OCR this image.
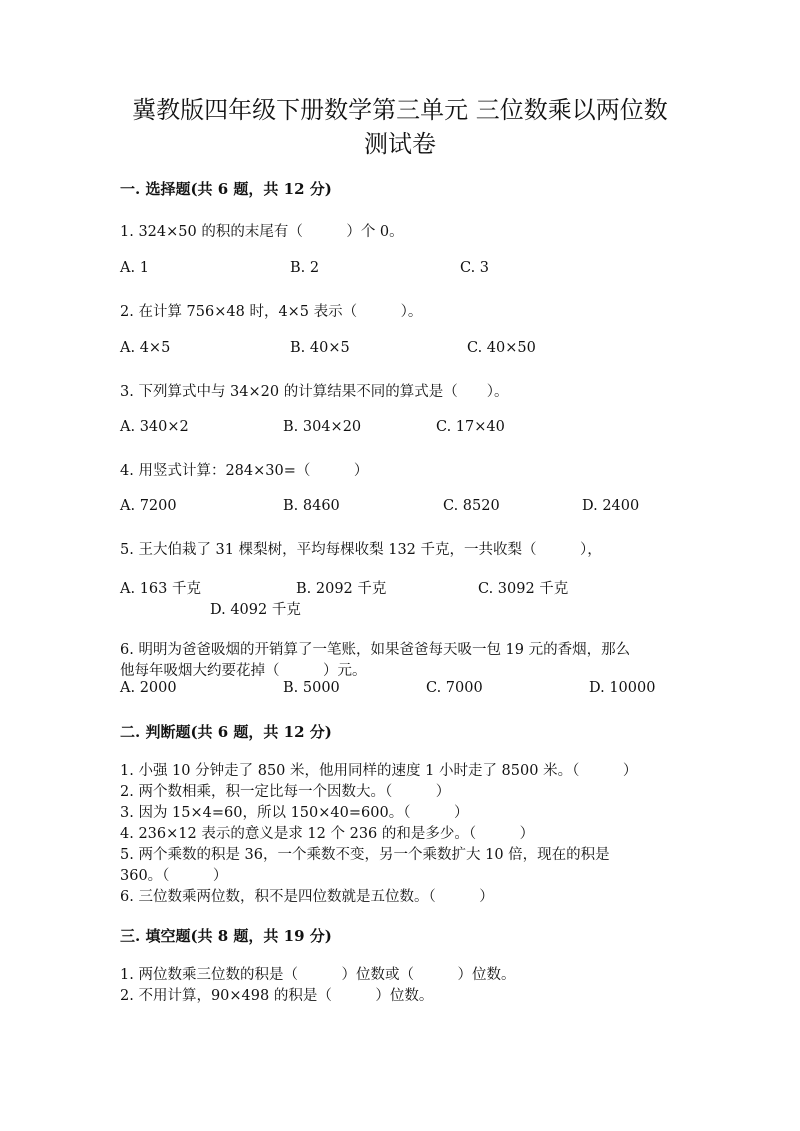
冀教版四年级下册数学第三单元 三位数乘以两位数
测试卷
一. 选择题(共 6 题，共 12 分)
1. 324×50 的积的末尾有（　　　）个 0。
A. 1	B. 2	C. 3
2. 在计算 756×48 时，4×5 表示（　　　）。
A. 4×5	B. 40×5	C. 40×50
3. 下列算式中与 34×20 的计算结果不同的算式是（　　）。
A. 340×2	B. 304×20	C. 17×40
4. 用竖式计算：284×30=（　　　）
A. 7200	B. 8460	C. 8520	D. 2400
5. 王大伯栽了 31 棵梨树，平均每棵收梨 132 千克，一共收梨（　　　），
A. 163 千克	B. 2092 千克	C. 3092 千克
D. 4092 千克
6. 明明为爸爸吸烟的开销算了一笔账，如果爸爸每天吸一包 19 元的香烟，那么
他每年吸烟大约要花掉（　　　）元。
A. 2000	B. 5000	C. 7000	D. 10000
二. 判断题(共 6 题，共 12 分)
1. 小强 10 分钟走了 850 米，他用同样的速度 1 小时走了 8500 米。（　　　）
2. 两个数相乘，积一定比每一个因数大。（　　　）
3. 因为 15×4=60，所以 150×40=600。（　　　）
4. 236×12 表示的意义是求 12 个 236 的和是多少。（　　　）
5. 两个乘数的积是 36，一个乘数不变，另一个乘数扩大 10 倍，现在的积是
360。（　　　）
6. 三位数乘两位数，积不是四位数就是五位数。（　　　）
三. 填空题(共 8 题，共 19 分)
1. 两位数乘三位数的积是（　　　）位数或（　　　）位数。
2. 不用计算，90×498 的积是（　　　）位数。
